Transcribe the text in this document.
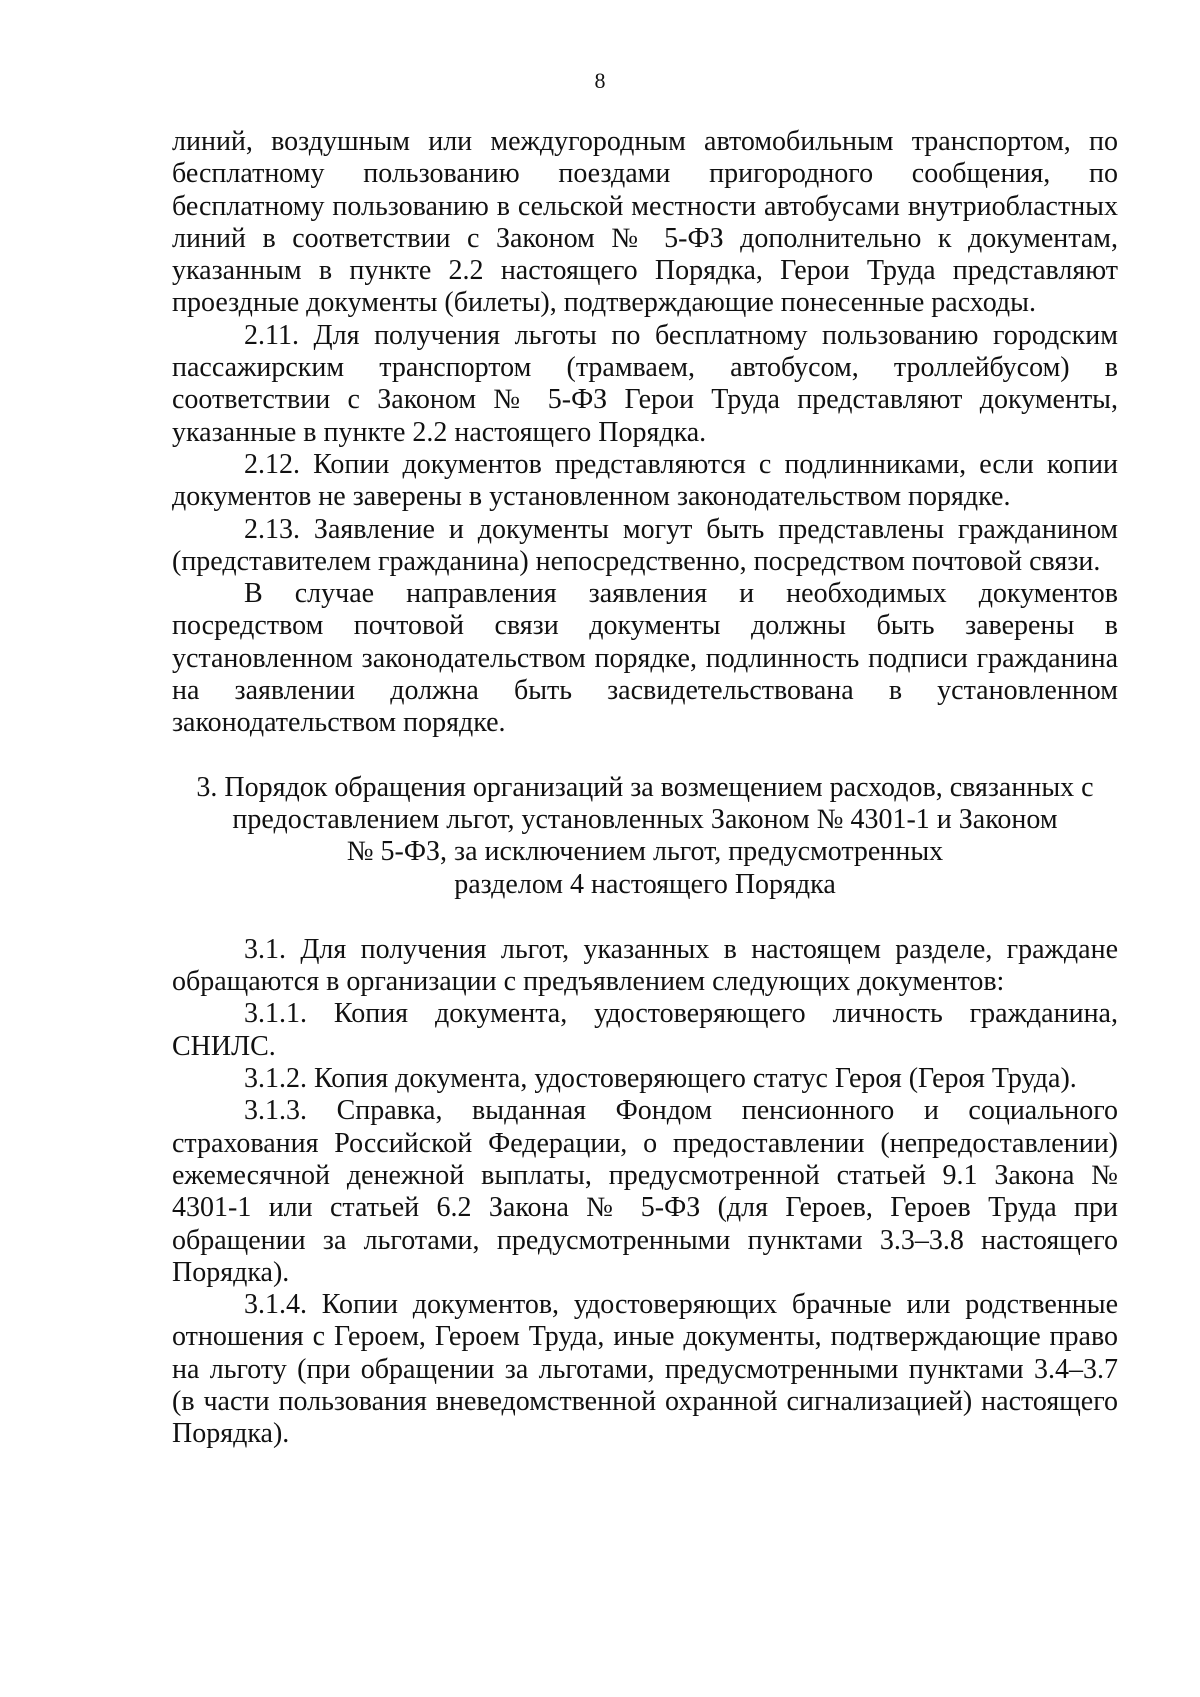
8

линий, воздушным или междугородным автомобильным транспортом, по бесплатному пользованию поездами пригородного сообщения, по бесплатному пользованию в сельской местности автобусами внутриобластных линий в соответствии с Законом № 5-ФЗ дополнительно к документам, указанным в пункте 2.2 настоящего Порядка, Герои Труда представляют проездные документы (билеты), подтверждающие понесенные расходы.

2.11. Для получения льготы по бесплатному пользованию городским пассажирским транспортом (трамваем, автобусом, троллейбусом) в соответствии с Законом № 5-ФЗ Герои Труда представляют документы, указанные в пункте 2.2 настоящего Порядка.

2.12. Копии документов представляются с подлинниками, если копии документов не заверены в установленном законодательством порядке.

2.13. Заявление и документы могут быть представлены гражданином (представителем гражданина) непосредственно, посредством почтовой связи.

В случае направления заявления и необходимых документов посредством почтовой связи документы должны быть заверены в установленном законодательством порядке, подлинность подписи гражданина на заявлении должна быть засвидетельствована в установленном законодательством порядке.

3. Порядок обращения организаций за возмещением расходов, связанных с

предоставлением льгот, установленных Законом № 4301-1 и Законом

№ 5-ФЗ, за исключением льгот, предусмотренных

разделом 4 настоящего Порядка

3.1. Для получения льгот, указанных в настоящем разделе, граждане обращаются в организации с предъявлением следующих документов:

3.1.1. Копия документа, удостоверяющего личность гражданина, СНИЛС.

3.1.2. Копия документа, удостоверяющего статус Героя (Героя Труда).

3.1.3. Справка, выданная Фондом пенсионного и социального страхования Российской Федерации, о предоставлении (непредоставлении) ежемесячной денежной выплаты, предусмотренной статьей 9.1 Закона № 4301-1 или статьей 6.2 Закона № 5-ФЗ (для Героев, Героев Труда при обращении за льготами, предусмотренными пунктами 3.3–3.8 настоящего Порядка).

3.1.4. Копии документов, удостоверяющих брачные или родственные отношения с Героем, Героем Труда, иные документы, подтверждающие право на льготу (при обращении за льготами, предусмотренными пунктами 3.4–3.7 (в части пользования вневедомственной охранной сигнализацией) настоящего Порядка).
